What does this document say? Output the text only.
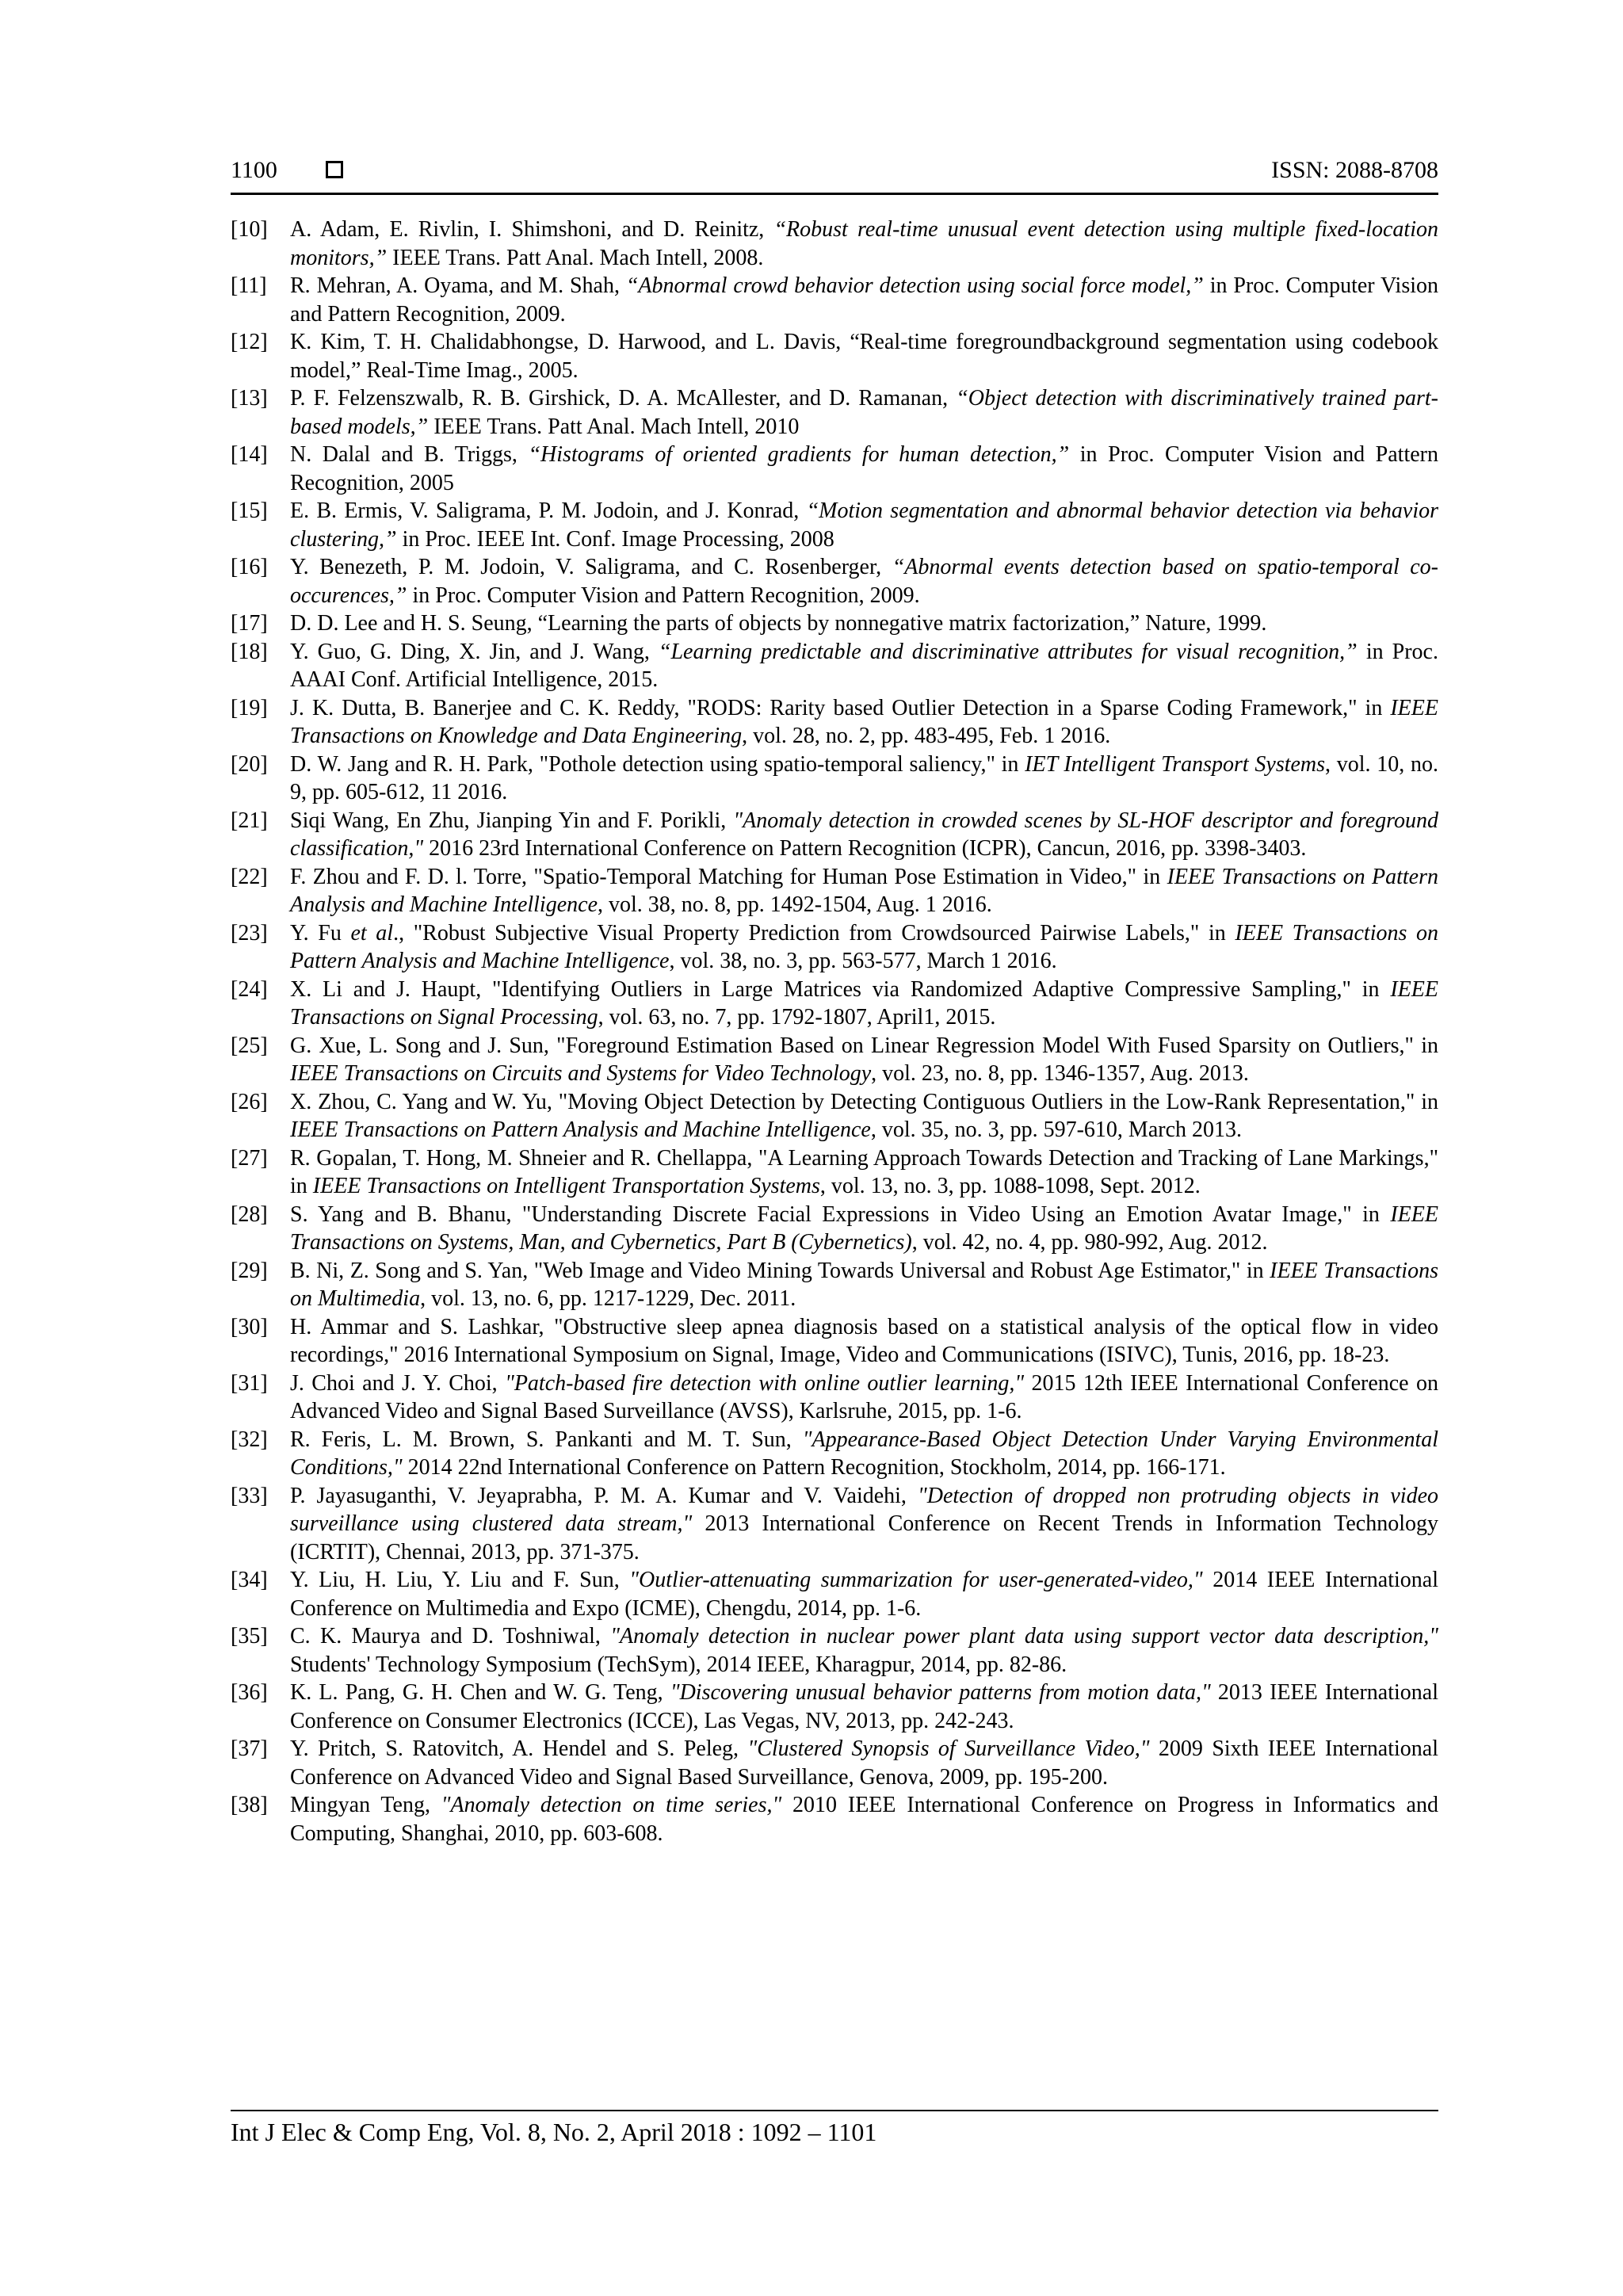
1100	ISSN: 2088-8708
[10] A. Adam, E. Rivlin, I. Shimshoni, and D. Reinitz, “Robust real-time unusual event detection using multiple fixed-location monitors,” IEEE Trans. Patt Anal. Mach Intell, 2008.
[11] R. Mehran, A. Oyama, and M. Shah, “Abnormal crowd behavior detection using social force model,” in Proc. Computer Vision and Pattern Recognition, 2009.
[12] K. Kim, T. H. Chalidabhongse, D. Harwood, and L. Davis, “Real-time foregroundbackground segmentation using codebook model,” Real-Time Imag., 2005.
[13] P. F. Felzenszwalb, R. B. Girshick, D. A. McAllester, and D. Ramanan, “Object detection with discriminatively trained part-based models,” IEEE Trans. Patt Anal. Mach Intell, 2010
[14] N. Dalal and B. Triggs, “Histograms of oriented gradients for human detection,” in Proc. Computer Vision and Pattern Recognition, 2005
[15] E. B. Ermis, V. Saligrama, P. M. Jodoin, and J. Konrad, “Motion segmentation and abnormal behavior detection via behavior clustering,” in Proc. IEEE Int. Conf. Image Processing, 2008
[16] Y. Benezeth, P. M. Jodoin, V. Saligrama, and C. Rosenberger, “Abnormal events detection based on spatio-temporal co-occurences,” in Proc. Computer Vision and Pattern Recognition, 2009.
[17] D. D. Lee and H. S. Seung, “Learning the parts of objects by nonnegative matrix factorization,” Nature, 1999.
[18] Y. Guo, G. Ding, X. Jin, and J. Wang, “Learning predictable and discriminative attributes for visual recognition,” in Proc. AAAI Conf. Artificial Intelligence, 2015.
[19] J. K. Dutta, B. Banerjee and C. K. Reddy, "RODS: Rarity based Outlier Detection in a Sparse Coding Framework," in IEEE Transactions on Knowledge and Data Engineering, vol. 28, no. 2, pp. 483-495, Feb. 1 2016.
[20] D. W. Jang and R. H. Park, "Pothole detection using spatio-temporal saliency," in IET Intelligent Transport Systems, vol. 10, no. 9, pp. 605-612, 11 2016.
[21] Siqi Wang, En Zhu, Jianping Yin and F. Porikli, "Anomaly detection in crowded scenes by SL-HOF descriptor and foreground classification," 2016 23rd International Conference on Pattern Recognition (ICPR), Cancun, 2016, pp. 3398-3403.
[22] F. Zhou and F. D. l. Torre, "Spatio-Temporal Matching for Human Pose Estimation in Video," in IEEE Transactions on Pattern Analysis and Machine Intelligence, vol. 38, no. 8, pp. 1492-1504, Aug. 1 2016.
[23] Y. Fu et al., "Robust Subjective Visual Property Prediction from Crowdsourced Pairwise Labels," in IEEE Transactions on Pattern Analysis and Machine Intelligence, vol. 38, no. 3, pp. 563-577, March 1 2016.
[24] X. Li and J. Haupt, "Identifying Outliers in Large Matrices via Randomized Adaptive Compressive Sampling," in IEEE Transactions on Signal Processing, vol. 63, no. 7, pp. 1792-1807, April1, 2015.
[25] G. Xue, L. Song and J. Sun, "Foreground Estimation Based on Linear Regression Model With Fused Sparsity on Outliers," in IEEE Transactions on Circuits and Systems for Video Technology, vol. 23, no. 8, pp. 1346-1357, Aug. 2013.
[26] X. Zhou, C. Yang and W. Yu, "Moving Object Detection by Detecting Contiguous Outliers in the Low-Rank Representation," in IEEE Transactions on Pattern Analysis and Machine Intelligence, vol. 35, no. 3, pp. 597-610, March 2013.
[27] R. Gopalan, T. Hong, M. Shneier and R. Chellappa, "A Learning Approach Towards Detection and Tracking of Lane Markings," in IEEE Transactions on Intelligent Transportation Systems, vol. 13, no. 3, pp. 1088-1098, Sept. 2012.
[28] S. Yang and B. Bhanu, "Understanding Discrete Facial Expressions in Video Using an Emotion Avatar Image," in IEEE Transactions on Systems, Man, and Cybernetics, Part B (Cybernetics), vol. 42, no. 4, pp. 980-992, Aug. 2012.
[29] B. Ni, Z. Song and S. Yan, "Web Image and Video Mining Towards Universal and Robust Age Estimator," in IEEE Transactions on Multimedia, vol. 13, no. 6, pp. 1217-1229, Dec. 2011.
[30] H. Ammar and S. Lashkar, "Obstructive sleep apnea diagnosis based on a statistical analysis of the optical flow in video recordings," 2016 International Symposium on Signal, Image, Video and Communications (ISIVC), Tunis, 2016, pp. 18-23.
[31] J. Choi and J. Y. Choi, "Patch-based fire detection with online outlier learning," 2015 12th IEEE International Conference on Advanced Video and Signal Based Surveillance (AVSS), Karlsruhe, 2015, pp. 1-6.
[32] R. Feris, L. M. Brown, S. Pankanti and M. T. Sun, "Appearance-Based Object Detection Under Varying Environmental Conditions," 2014 22nd International Conference on Pattern Recognition, Stockholm, 2014, pp. 166-171.
[33] P. Jayasuganthi, V. Jeyaprabha, P. M. A. Kumar and V. Vaidehi, "Detection of dropped non protruding objects in video surveillance using clustered data stream," 2013 International Conference on Recent Trends in Information Technology (ICRTIT), Chennai, 2013, pp. 371-375.
[34] Y. Liu, H. Liu, Y. Liu and F. Sun, "Outlier-attenuating summarization for user-generated-video," 2014 IEEE International Conference on Multimedia and Expo (ICME), Chengdu, 2014, pp. 1-6.
[35] C. K. Maurya and D. Toshniwal, "Anomaly detection in nuclear power plant data using support vector data description," Students' Technology Symposium (TechSym), 2014 IEEE, Kharagpur, 2014, pp. 82-86.
[36] K. L. Pang, G. H. Chen and W. G. Teng, "Discovering unusual behavior patterns from motion data," 2013 IEEE International Conference on Consumer Electronics (ICCE), Las Vegas, NV, 2013, pp. 242-243.
[37] Y. Pritch, S. Ratovitch, A. Hendel and S. Peleg, "Clustered Synopsis of Surveillance Video," 2009 Sixth IEEE International Conference on Advanced Video and Signal Based Surveillance, Genova, 2009, pp. 195-200.
[38] Mingyan Teng, "Anomaly detection on time series," 2010 IEEE International Conference on Progress in Informatics and Computing, Shanghai, 2010, pp. 603-608.
Int J Elec & Comp Eng, Vol. 8, No. 2, April 2018 : 1092 – 1101
